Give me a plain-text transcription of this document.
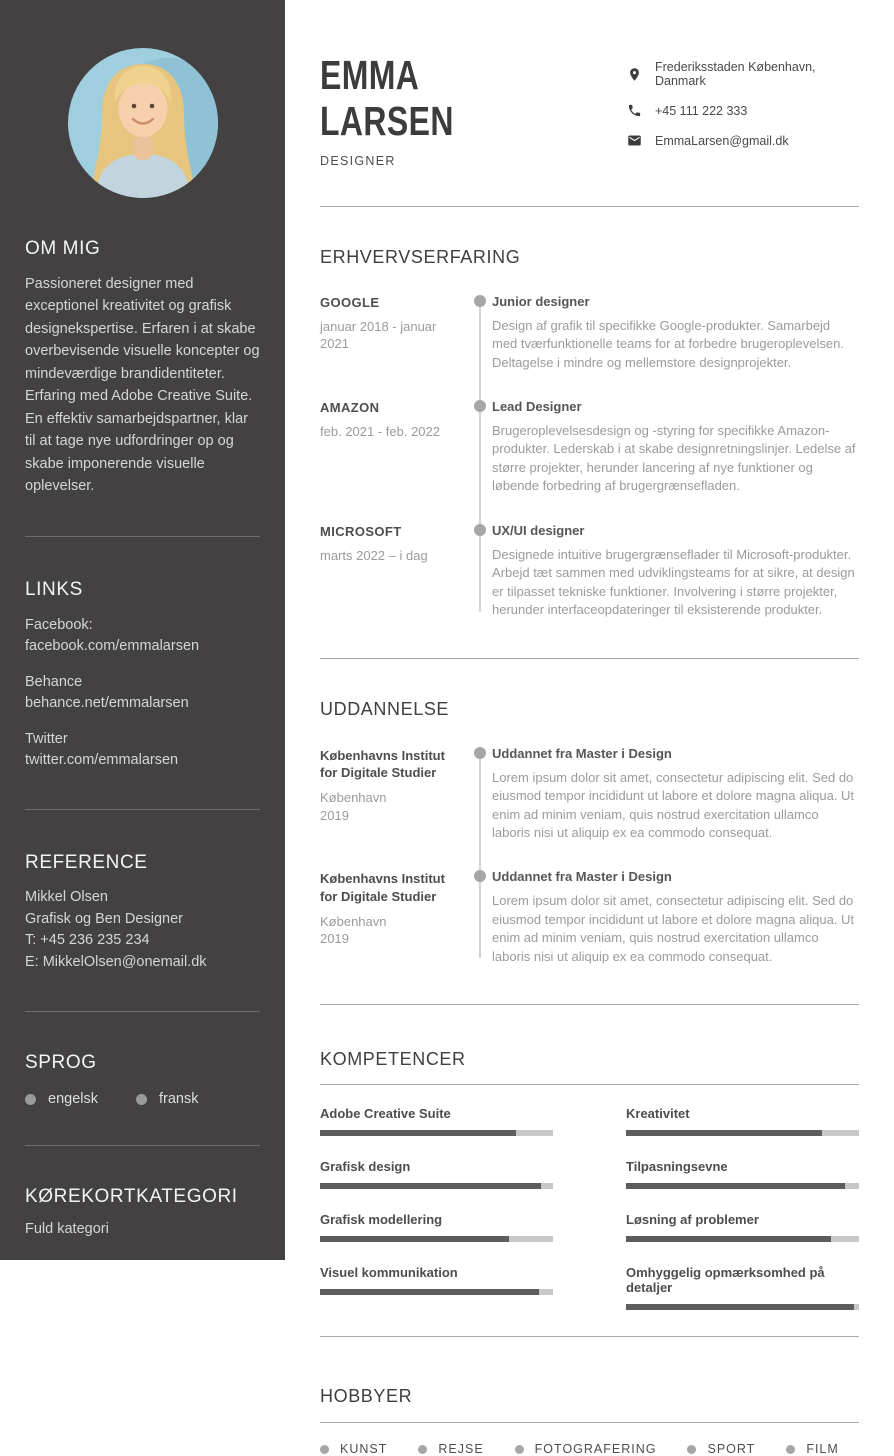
OM MIG

Passioneret designer med exceptionel kreativitet og grafisk designekspertise. Erfaren i at skabe overbevisende visuelle koncepter og mindeværdige brandidentiteter. Erfaring med Adobe Creative Suite. En effektiv samarbejdspartner, klar til at tage nye udfordringer op og skabe imponerende visuelle oplevelser.

LINKS
Facebook:
facebook.com/emmalarsen
Behance
behance.net/emmalarsen
Twitter
twitter.com/emmalarsen
REFERENCE
Mikkel Olsen
Grafisk og Ben Designer
T: +45 236 235 234
E: MikkelOlsen@onemail.dk
SPROG
engelsk	fransk
KØREKORTKATEGORI
Fuld kategori
EMMA
LARSEN
DESIGNER
Frederiksstaden København, Danmark
+45 111 222 333
EmmaLarsen@gmail.dk
ERHVERVSERFARING
GOOGLE
januar 2018 - januar 2021
Junior designer

Design af grafik til specifikke Google-produkter. Samarbejd med tværfunktionelle teams for at forbedre brugeroplevelsen. Deltagelse i mindre og mellemstore designprojekter.

AMAZON
feb. 2021 - feb. 2022
Lead Designer

Brugeroplevelsesdesign og -styring for specifikke Amazon-produkter. Lederskab i at skabe designretningslinjer. Ledelse af større projekter, herunder lancering af nye funktioner og løbende forbedring af brugergrænsefladen.

MICROSOFT
marts 2022 – i dag
UX/UI designer

Designede intuitive brugergrænseflader til Microsoft-produkter. Arbejd tæt sammen med udviklingsteams for at sikre, at design er tilpasset tekniske funktioner. Involvering i større projekter, herunder interfaceopdateringer til eksisterende produkter.

UDDANNELSE
Københavns Institut for Digitale Studier
København
2019
Uddannet fra Master i Design

Lorem ipsum dolor sit amet, consectetur adipiscing elit. Sed do eiusmod tempor incididunt ut labore et dolore magna aliqua. Ut enim ad minim veniam, quis nostrud exercitation ullamco laboris nisi ut aliquip ex ea commodo consequat.

Københavns Institut for Digitale Studier
København
2019
Uddannet fra Master i Design

Lorem ipsum dolor sit amet, consectetur adipiscing elit. Sed do eiusmod tempor incididunt ut labore et dolore magna aliqua. Ut enim ad minim veniam, quis nostrud exercitation ullamco laboris nisi ut aliquip ex ea commodo consequat.

KOMPETENCER
Adobe Creative Suite	Kreativitet
Grafisk design	Tilpasningsevne
Grafisk modellering	Løsning af problemer
Visuel kommunikation	Omhyggelig opmærksomhed på detaljer
HOBBYER
KUNST	REJSE	FOTOGRAFERING	SPORT	FILM
